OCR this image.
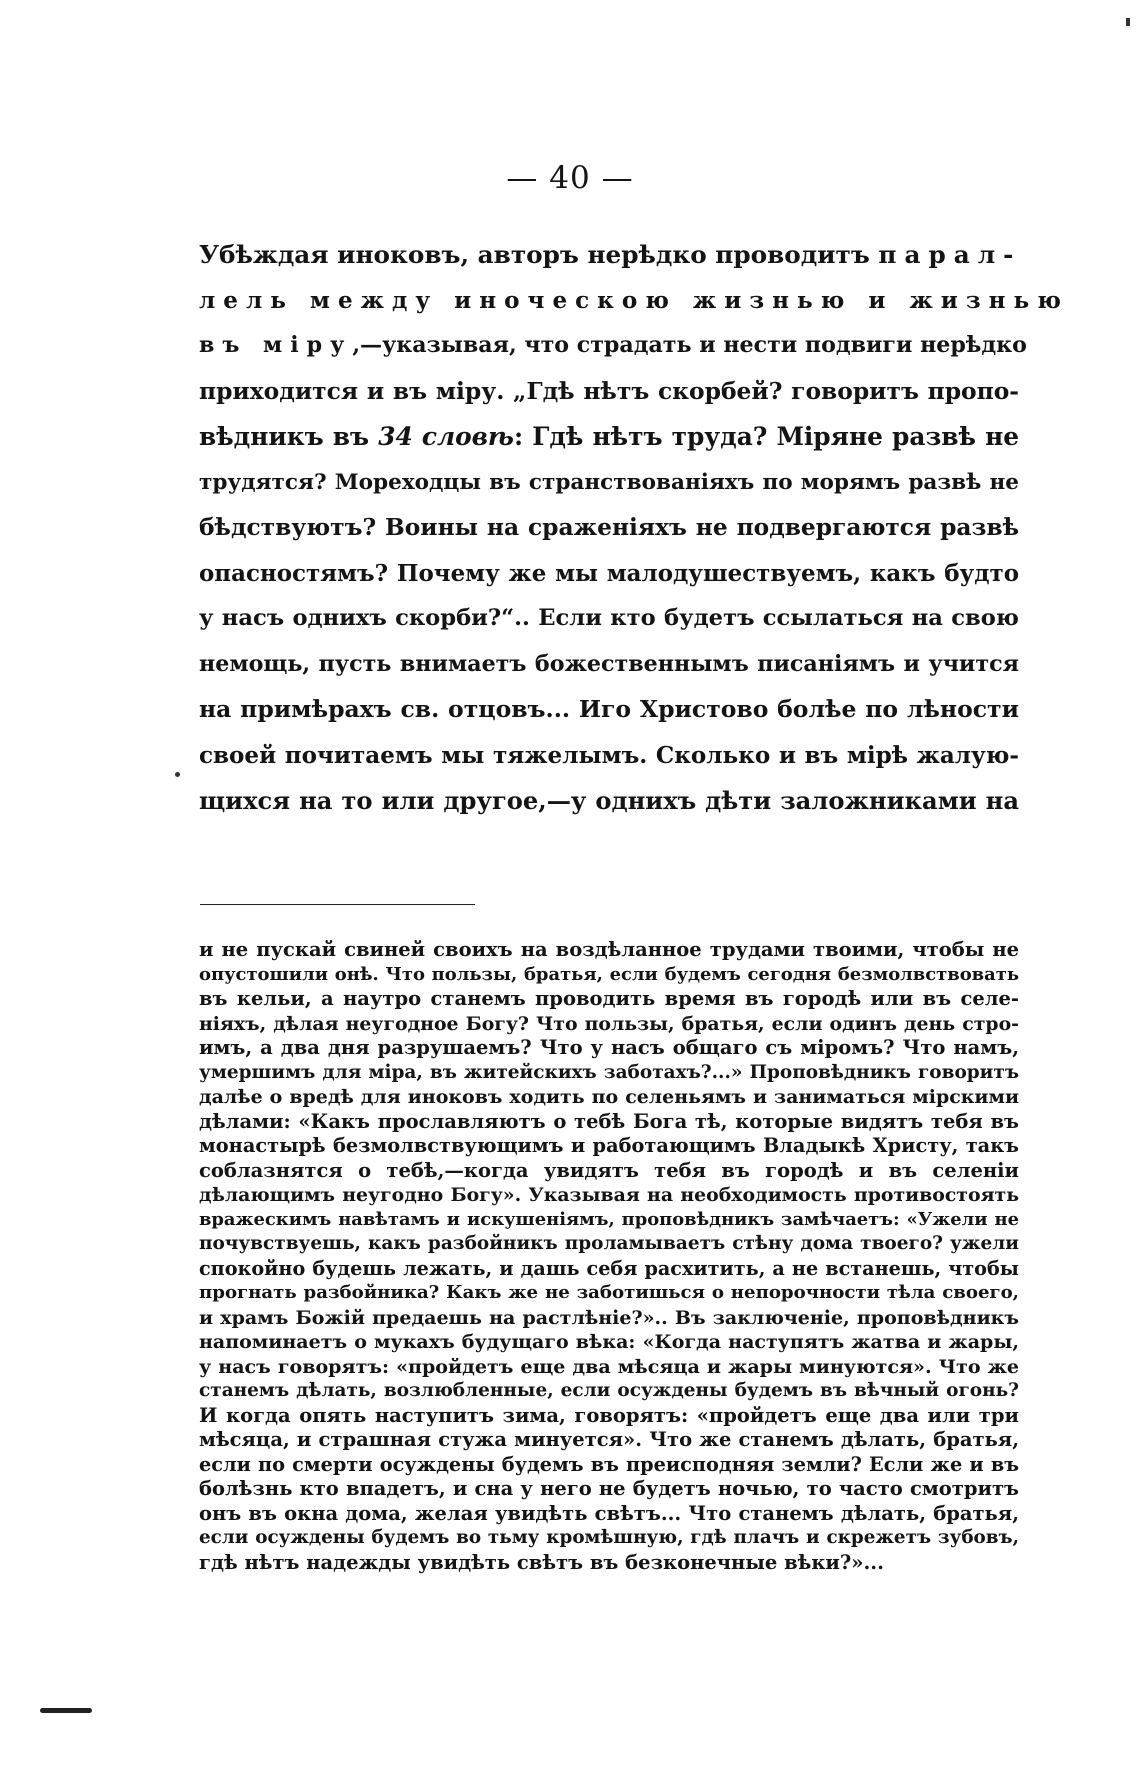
— 40 —
Убѣждая иноковъ, авторъ нерѣдко проводитъ парал-
лель между иноческою жизнью и жизнью
въ міру,—указывая, что страдать и нести подвиги нерѣдко
приходится и въ міру. „Гдѣ нѣтъ скорбей? говоритъ пропо-
вѣдникъ въ 34 словѣ: Гдѣ нѣтъ труда? Міряне развѣ не
трудятся? Мореходцы въ странствованіяхъ по морямъ развѣ не
бѣдствуютъ? Воины на сраженіяхъ не подвергаются развѣ
опасностямъ? Почему же мы малодушествуемъ, какъ будто
у насъ однихъ скорби?“.. Если кто будетъ ссылаться на свою
немощь, пусть внимаетъ божественнымъ писаніямъ и учится
на примѣрахъ св. отцовъ... Иго Христово болѣе по лѣности
своей почитаемъ мы тяжелымъ. Сколько и въ мірѣ жалую-
щихся на то или другое,—у однихъ дѣти заложниками на
и не пускай свиней своихъ на воздѣланное трудами твоими, чтобы не
опустошили онѣ. Что пользы, братья, если будемъ сегодня безмолвствовать
въ кельи, а наутро станемъ проводить время въ городѣ или въ селе-
ніяхъ, дѣлая неугодное Богу? Что пользы, братья, если одинъ день стро-
имъ, а два дня разрушаемъ? Что у насъ общаго съ міромъ? Что намъ,
умершимъ для міра, въ житейскихъ заботахъ?...» Проповѣдникъ говоритъ
далѣе о вредѣ для иноковъ ходить по селеньямъ и заниматься мірскими
дѣлами: «Какъ прославляютъ о тебѣ Бога тѣ, которые видятъ тебя въ
монастырѣ безмолвствующимъ и работающимъ Владыкѣ Христу, такъ
соблазнятся о тебѣ,—когда увидятъ тебя въ городѣ и въ селеніи
дѣлающимъ неугодно Богу». Указывая на необходимость противостоять
вражескимъ навѣтамъ и искушеніямъ, проповѣдникъ замѣчаетъ: «Ужели не
почувствуешь, какъ разбойникъ проламываетъ стѣну дома твоего? ужели
спокойно будешь лежать, и дашь себя расхитить, а не встанешь, чтобы
прогнать разбойника? Какъ же не заботишься о непорочности тѣла своего,
и храмъ Божій предаешь на растлѣніе?».. Въ заключеніе, проповѣдникъ
напоминаетъ о мукахъ будущаго вѣка: «Когда наступятъ жатва и жары,
у насъ говорятъ: «пройдетъ еще два мѣсяца и жары минуются». Что же
станемъ дѣлать, возлюбленные, если осуждены будемъ въ вѣчный огонь?
И когда опять наступитъ зима, говорятъ: «пройдетъ еще два или три
мѣсяца, и страшная стужа минуется». Что же станемъ дѣлать, братья,
если по смерти осуждены будемъ въ преисподняя земли? Если же и въ
болѣзнь кто впадетъ, и сна у него не будетъ ночью, то часто смотритъ
онъ въ окна дома, желая увидѣть свѣтъ... Что станемъ дѣлать, братья,
если осуждены будемъ во тьму кромѣшную, гдѣ плачъ и скрежетъ зубовъ,
гдѣ нѣтъ надежды увидѣть свѣтъ въ безконечные вѣки?»...
